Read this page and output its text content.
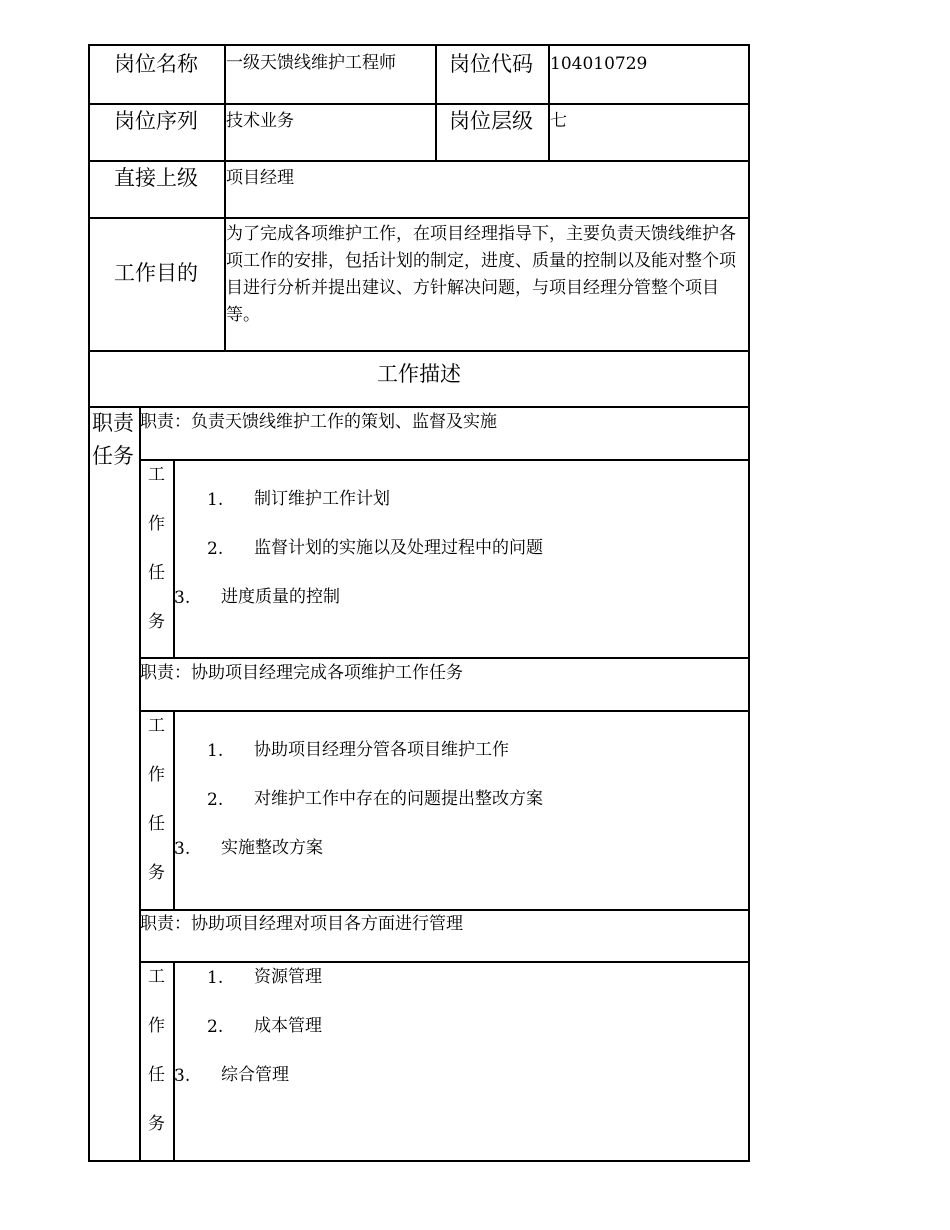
岗位名称 一级天馈线维护工程师	岗位代码 104010729
岗位序列 技术业务	岗位层级 七
直接上级 项目经理
工作目的
为了完成各项维护工作，在项目经理指导下，主要负责天馈线维护各项工作的安排，包括计划的制定，进度、质量的控制以及能对整个项目进行分析并提出建议、方针解决问题，与项目经理分管整个项目等。
工作描述
职责
任务
职责：负责天馈线维护工作的策划、监督及实施
工
作
任
务
1. 制订维护工作计划
2. 监督计划的实施以及处理过程中的问题
3. 进度质量的控制
职责：协助项目经理完成各项维护工作任务
工
作
任
务
1. 协助项目经理分管各项目维护工作
2. 对维护工作中存在的问题提出整改方案
3. 实施整改方案
职责：协助项目经理对项目各方面进行管理
工
作
任
务
1. 资源管理
2. 成本管理
3. 综合管理
